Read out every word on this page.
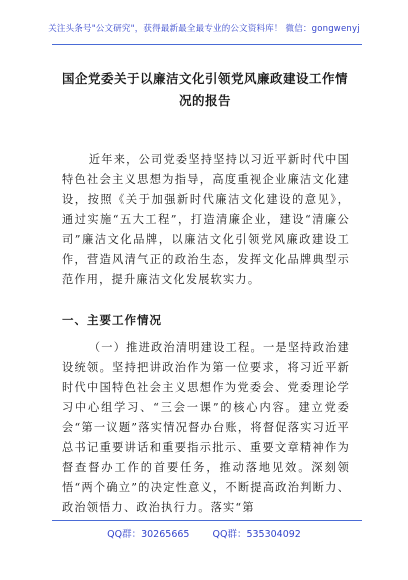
关注头条号"公文研究"，获得最新最全最专业的公文资料库！ 微信：gongwenyj
国企党委关于以廉洁文化引领党风廉政建设工作情况的报告

近年来，公司党委坚持坚持以习近平新时代中国特色社会主义思想为指导，高度重视企业廉洁文化建设，按照《关于加强新时代廉洁文化建设的意见》，通过实施“五大工程”，打造清廉企业，建设“清廉公司”廉洁文化品牌，以廉洁文化引领党风廉政建设工作，营造风清气正的政治生态，发挥文化品牌典型示范作用，提升廉洁文化发展软实力。

一、主要工作情况

（一）推进政治清明建设工程。一是坚持政治建设统领。坚持把讲政治作为第一位要求，将习近平新时代中国特色社会主义思想作为党委会、党委理论学习中心组学习、“三会一课”的核心内容。建立党委会“第一议题”落实情况督办台账，将督促落实习近平总书记重要讲话和重要指示批示、重要文章精神作为督查督办工作的首要任务，推动落地见效。深刻领悟“两个确立”的决定性意义，不断提高政治判断力、政治领悟力、政治执行力。落实“第

QQ群：30265665 QQ群：535304092
